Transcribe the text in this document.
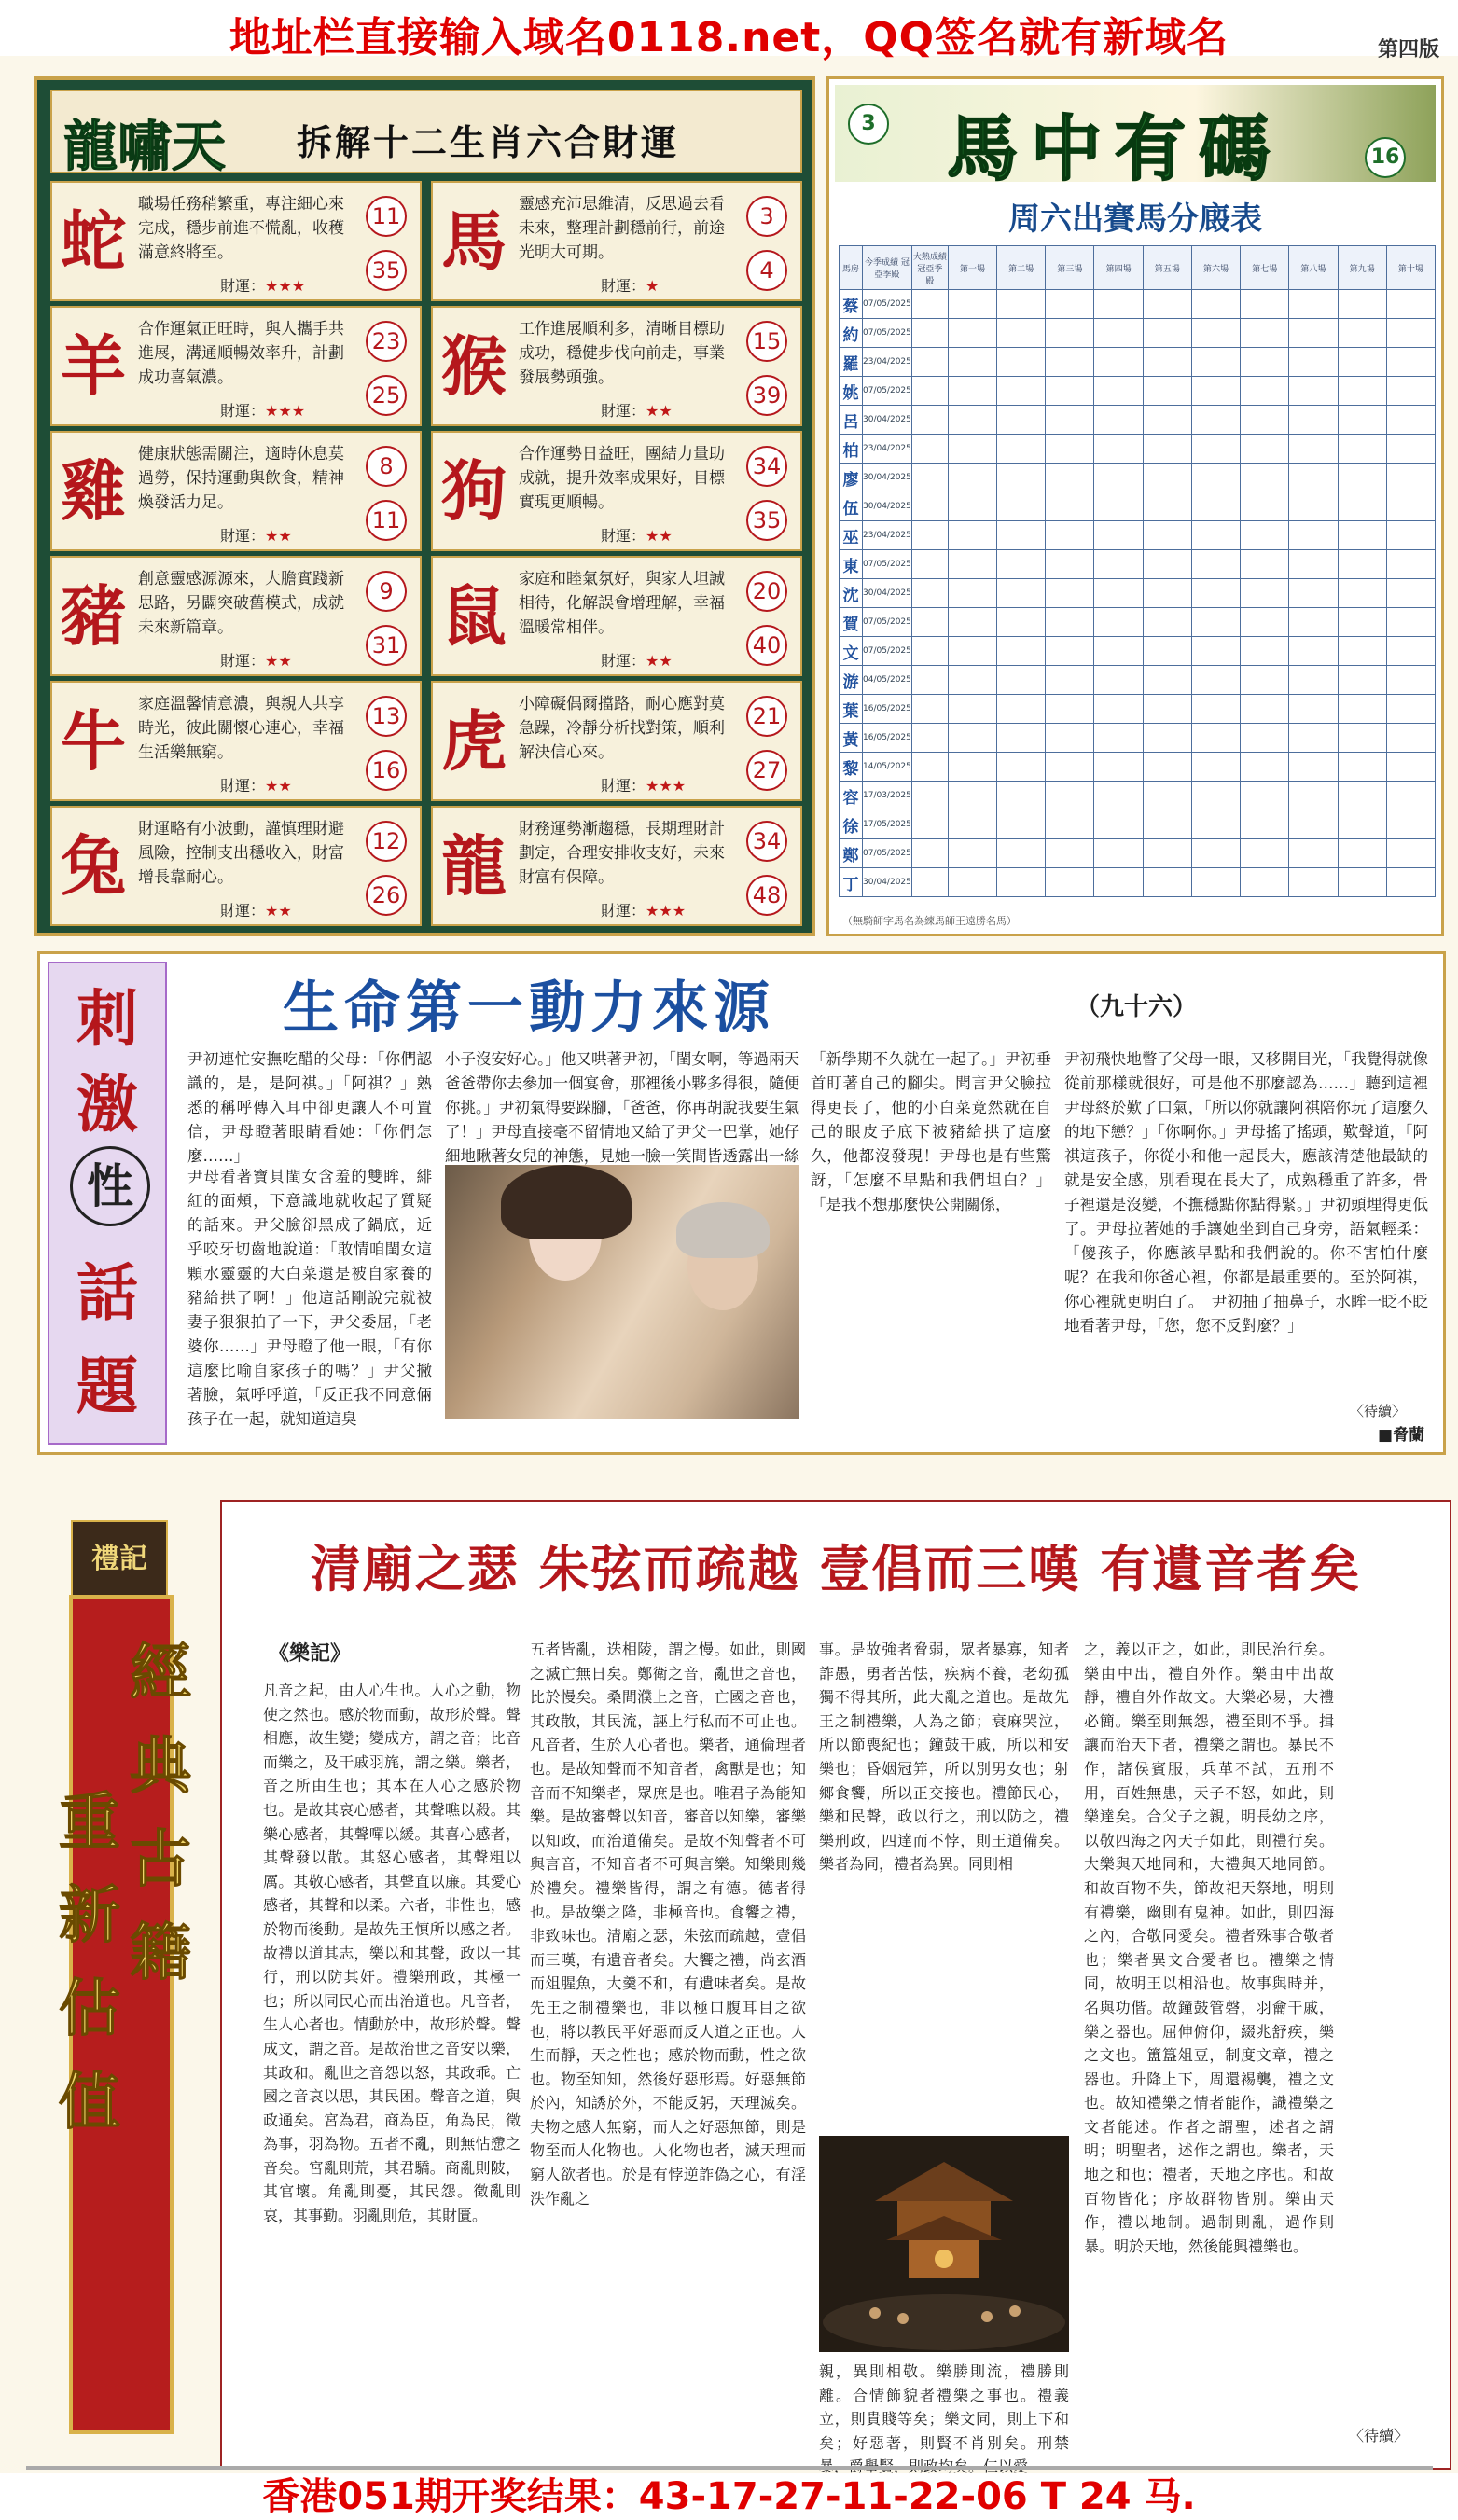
地址栏直接输入域名0118.net，QQ签名就有新域名	第四版
龍嘯天 拆解十二生肖六合財運
蛇 職場任務稍繁重，專注細心來完成，穩步前進不慌亂，收穫滿意終將至。
財運：★★★
11
35 馬 靈感充沛思維清，反思過去看未來，整理計劃穩前行，前途光明大可期。
財運：★
3
4
羊 合作運氣正旺時，與人攜手共進展，溝通順暢效率升，計劃成功喜氣濃。
財運：★★★
23
25 猴 工作進展順利多，清晰目標助成功，穩健步伐向前走，事業發展勢頭強。
財運：★★
15
39
雞 健康狀態需關注，適時休息莫過勞，保持運動與飲食，精神煥發活力足。
財運：★★
8
11 狗 合作運勢日益旺，團結力量助成就，提升效率成果好，目標實現更順暢。
財運：★★
34
35
豬 創意靈感源源來，大膽實踐新思路，另闢突破舊模式，成就未來新篇章。
財運：★★
9
31 鼠 家庭和睦氣氛好，與家人坦誠相待，化解誤會增理解，幸福溫暖常相伴。
財運：★★
20
40
牛 家庭溫馨情意濃，與親人共享時光，彼此關懷心連心，幸福生活樂無窮。
財運：★★
13
16 虎 小障礙偶爾擋路，耐心應對莫急躁，冷靜分析找對策，順利解決信心來。
財運：★★★
21
27
兔 財運略有小波動，謹慎理財避風險，控制支出穩收入，財富增長靠耐心。
財運：★★
12
26 龍 財務運勢漸趨穩，長期理財計劃定，合理安排收支好，未來財富有保障。
財運：★★★
34
48
3 馬中有碼	16
周六出賽馬分廄表
馬房	今季成績 冠亞季殿	大熱成績 冠亞季 殿	第一場	第二場	第三場	第四場	第五場	第六場	第七場	第八場	第九場	第十場
蔡	07/05/2025											
約	07/05/2025											
羅	23/04/2025											
姚	07/05/2025											
呂	30/04/2025											
柏	23/04/2025											
廖	30/04/2025											
伍	30/04/2025											
巫	23/04/2025											
東	07/05/2025											
沈	30/04/2025											
賀	07/05/2025											
文	07/05/2025											
游	04/05/2025											
葉	16/05/2025											
黃	16/05/2025											
黎	14/05/2025											
容	17/03/2025											
徐	17/05/2025											
鄭	07/05/2025											
丁	30/04/2025											
（無騎師字馬名為練馬師王遠勝名馬）
刺
激
性
話
題
生命第一動力來源	（九十六）
尹初連忙安撫吃醋的父母：「你們認識的，是，是阿祺。」「阿祺？」熟悉的稱呼傳入耳中卻更讓人不可置信，尹母瞪著眼睛看她：「你們怎麼……」
尹母看著寶貝閨女含羞的雙眸，緋紅的面頰，下意識地就收起了質疑的話來。尹父臉卻黑成了鍋底，近乎咬牙切齒地說道：「敢情咱閨女這顆水靈靈的大白菜還是被自家養的豬給拱了啊！」他這話剛說完就被妻子狠狠拍了一下，尹父委屈，「老婆你……」尹母瞪了他一眼，「有你這麼比喻自家孩子的嗎？」尹父撇著臉，氣呼呼道，「反正我不同意倆孩子在一起，就知道這臭
小子沒安好心。」他又哄著尹初，「閨女啊，等過兩天爸爸帶你去參加一個宴會，那裡後小夥多得很，隨便你挑。」尹初氣得要跺腳，「爸爸，你再胡說我要生氣了！」尹母直接毫不留情地又給了尹父一巴掌，她仔細地瞅著女兒的神態，見她一臉一笑間皆透露出一絲
「新學期不久就在一起了。」尹初垂首盯著自己的腳尖。聞言尹父臉拉得更長了，他的小白菜竟然就在自己的眼皮子底下被豬給拱了這麼久，他都沒發現！尹母也是有些驚訝，「怎麼不早點和我們坦白？」「是我不想那麼快公開關係，
尹初飛快地瞥了父母一眼，又移開目光，「我覺得就像從前那樣就很好，可是他不那麼認為……」聽到這裡尹母終於歎了口氣，「所以你就讓阿祺陪你玩了這麼久的地下戀？」「你啊你。」尹母搖了搖頭，歎聲道，「阿祺這孩子，你從小和他一起長大，應該清楚他最缺的就是安全感，別看現在長大了，成熟穩重了許多，骨子裡還是沒變，不撫穩點你點得緊。」尹初頭埋得更低了。尹母拉著她的手讓她坐到自己身旁，語氣輕柔：「傻孩子，你應該早點和我們說的。你不害怕什麼呢？在我和你爸心裡，你都是最重要的。至於阿祺，你心裡就更明白了。」尹初抽了抽鼻子，水眸一眨不眨地看著尹母，「您，您不反對麼？」
〈待續〉
■脅蘭
禮記
經
典
古
籍
重
新
估
值
清廟之瑟 朱弦而疏越 壹倡而三嘆 有遺音者矣
《樂記》
凡音之起，由人心生也。人心之動，物使之然也。感於物而動，故形於聲。聲相應，故生變；變成方，謂之音；比音而樂之，及干戚羽旄，謂之樂。樂者，音之所由生也；其本在人心之感於物也。是故其哀心感者，其聲噍以殺。其樂心感者，其聲嘽以緩。其喜心感者，其聲發以散。其怒心感者，其聲粗以厲。其敬心感者，其聲直以廉。其愛心感者，其聲和以柔。六者，非性也，感於物而後動。是故先王慎所以感之者。故禮以道其志，樂以和其聲，政以一其行，刑以防其奸。禮樂刑政，其極一也；所以同民心而出治道也。凡音者，生人心者也。情動於中，故形於聲。聲成文，謂之音。是故治世之音安以樂，其政和。亂世之音怨以怒，其政乖。亡國之音哀以思，其民困。聲音之道，與政通矣。宮為君，商為臣，角為民，徵為事，羽為物。五者不亂，則無怗懘之音矣。宮亂則荒，其君驕。商亂則陂，其官壞。角亂則憂，其民怨。徵亂則哀，其事勤。羽亂則危，其財匱。
五者皆亂，迭相陵，謂之慢。如此，則國之滅亡無日矣。鄭衛之音，亂世之音也，比於慢矣。桑間濮上之音，亡國之音也，其政散，其民流，誣上行私而不可止也。凡音者，生於人心者也。樂者，通倫理者也。是故知聲而不知音者，禽獸是也；知音而不知樂者，眾庶是也。唯君子為能知樂。是故審聲以知音，審音以知樂，審樂以知政，而治道備矣。是故不知聲者不可與言音，不知音者不可與言樂。知樂則幾於禮矣。禮樂皆得，謂之有德。德者得也。是故樂之隆，非極音也。食饗之禮，非致味也。清廟之瑟，朱弦而疏越，壹倡而三嘆，有遺音者矣。大饗之禮，尚玄酒而俎腥魚，大羹不和，有遺味者矣。是故先王之制禮樂也，非以極口腹耳目之欲也，將以教民平好惡而反人道之正也。人生而靜，天之性也；感於物而動，性之欲也。物至知知，然後好惡形焉。好惡無節於內，知誘於外，不能反躬，天理滅矣。夫物之感人無窮，而人之好惡無節，則是物至而人化物也。人化物也者，滅天理而窮人欲者也。於是有悖逆詐偽之心，有淫泆作亂之
事。是故強者脅弱，眾者暴寡，知者詐愚，勇者苦怯，疾病不養，老幼孤獨不得其所，此大亂之道也。是故先王之制禮樂，人為之節；衰麻哭泣，所以節喪紀也；鐘鼓干戚，所以和安樂也；昏姻冠笄，所以別男女也；射鄉食饗，所以正交接也。禮節民心，樂和民聲，政以行之，刑以防之，禮樂刑政，四達而不悖，則王道備矣。樂者為同，禮者為異。同則相
親，異則相敬。樂勝則流，禮勝則離。合情飾貌者禮樂之事也。禮義立，則貴賤等矣；樂文同，則上下和矣；好惡著，則賢不肖別矣。刑禁
之，義以正之，如此，則民治行矣。樂由中出，禮自外作。樂由中出故靜，禮自外作故文。大樂必易，大禮必簡。樂至則無怨，禮至則不爭。揖讓而治天下者，禮樂之謂也。暴民不作，諸侯賓服，兵革不試，五刑不用，百姓無患，天子不怒，如此，則樂達矣。合父子之親，明長幼之序，以敬四海之內天子如此，則禮行矣。大樂與天地同和，大禮與天地同節。和故百物不失，節故祀天祭地，明則有禮樂，幽則有鬼神。如此，則四海之內，合敬同愛矣。禮者殊事合敬者也；樂者異文合愛者也。禮樂之情同，故明王以相沿也。故事與時并，名與功偕。故鐘鼓管磬，羽龠干戚，樂之器也。屈伸俯仰，綴兆舒疾，樂之文也。簠簋俎豆，制度文章，禮之器也。升降上下，周還裼襲，禮之文也。故知禮樂之情者能作，識禮樂之文者能述。作者之謂聖，述者之謂明；明聖者，述作之謂也。樂者，天地之和也；禮者，天地之序也。和故百物皆化；序故群物皆別。樂由天作，禮以地制。過制則亂，過作則暴。明於天地，然後能興禮樂也。
〈待續〉
香港051期开奖结果：43-17-27-11-22-06 T 24 马.
